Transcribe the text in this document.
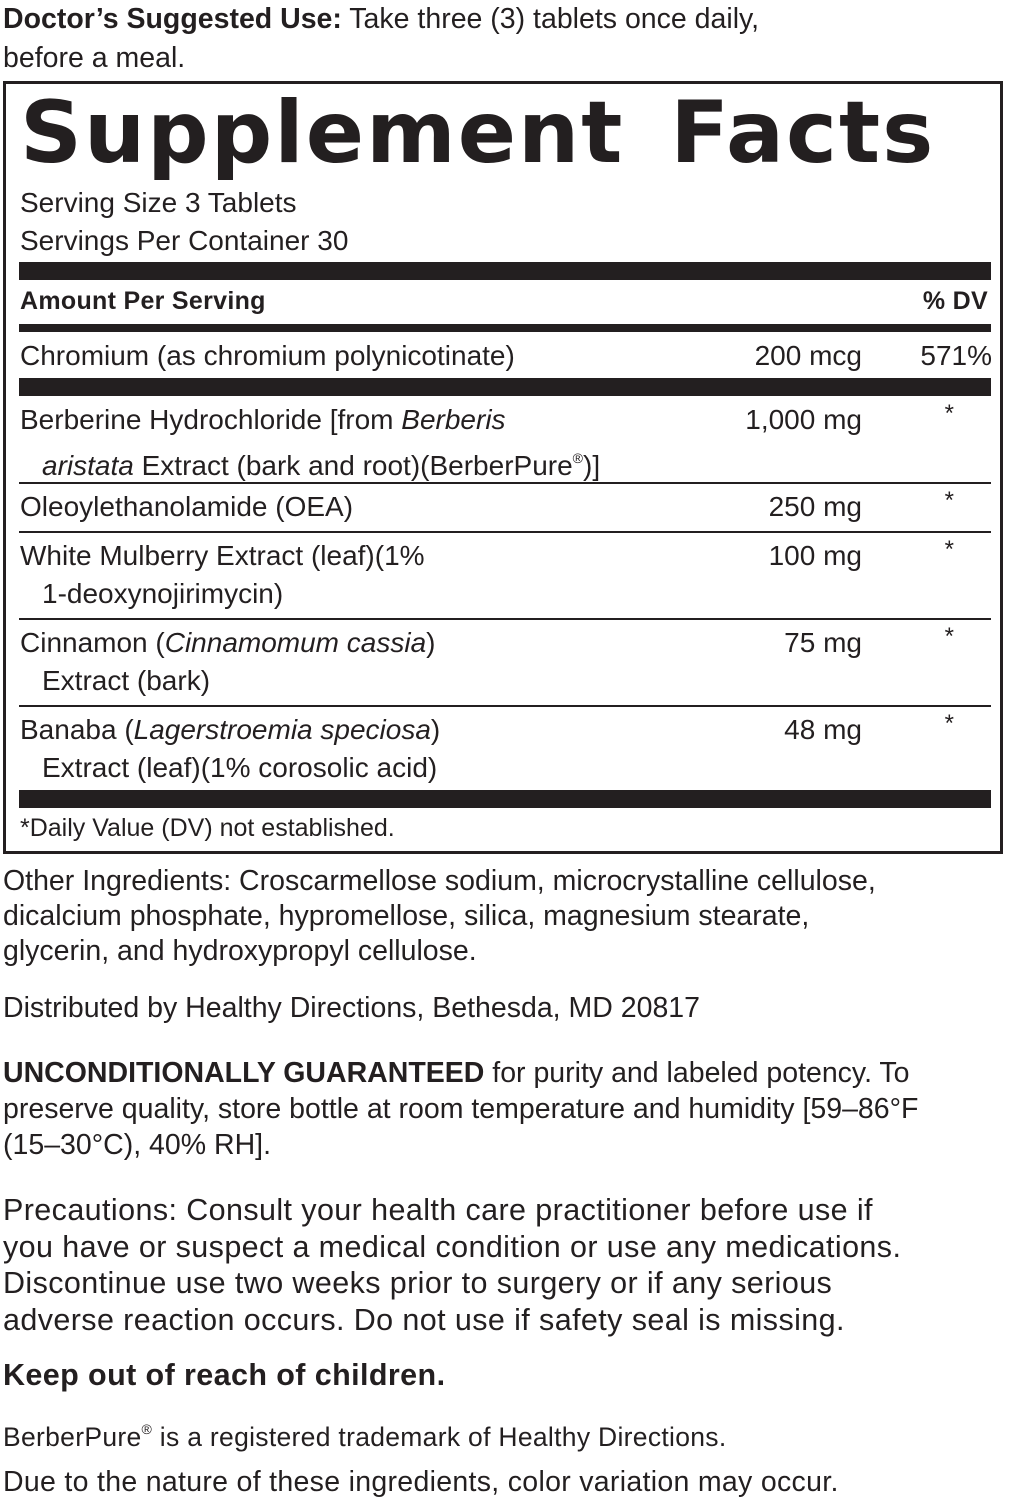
Doctor’s Suggested Use: Take three (3) tablets once daily,
before a meal.
Supplement Facts
Serving Size 3 Tablets
Servings Per Container 30
Amount Per Serving	% DV
Chromium (as chromium polynicotinate)	200 mcg 571%
Berberine Hydrochloride [from Berberis
aristata Extract (bark and root)(BerberPure®)]
1,000 mg	*
Oleoylethanolamide (OEA)	250 mg	*
White Mulberry Extract (leaf)(1%
1-deoxynojirimycin)
100 mg	*
Cinnamon (Cinnamomum cassia)
Extract (bark)
75 mg	*
Banaba (Lagerstroemia speciosa)
Extract (leaf)(1% corosolic acid)
48 mg	*
*Daily Value (DV) not established.
Other Ingredients: Croscarmellose sodium, microcrystalline cellulose,
dicalcium phosphate, hypromellose, silica, magnesium stearate,
glycerin, and hydroxypropyl cellulose.
Distributed by Healthy Directions, Bethesda, MD 20817
UNCONDITIONALLY GUARANTEED for purity and labeled potency. To
preserve quality, store bottle at room temperature and humidity [59–86°F
(15–30°C), 40% RH].
Precautions: Consult your health care practitioner before use if
you have or suspect a medical condition or use any medications.
Discontinue use two weeks prior to surgery or if any serious
adverse reaction occurs. Do not use if safety seal is missing.
Keep out of reach of children.
BerberPure® is a registered trademark of Healthy Directions.
Due to the nature of these ingredients, color variation may occur.
